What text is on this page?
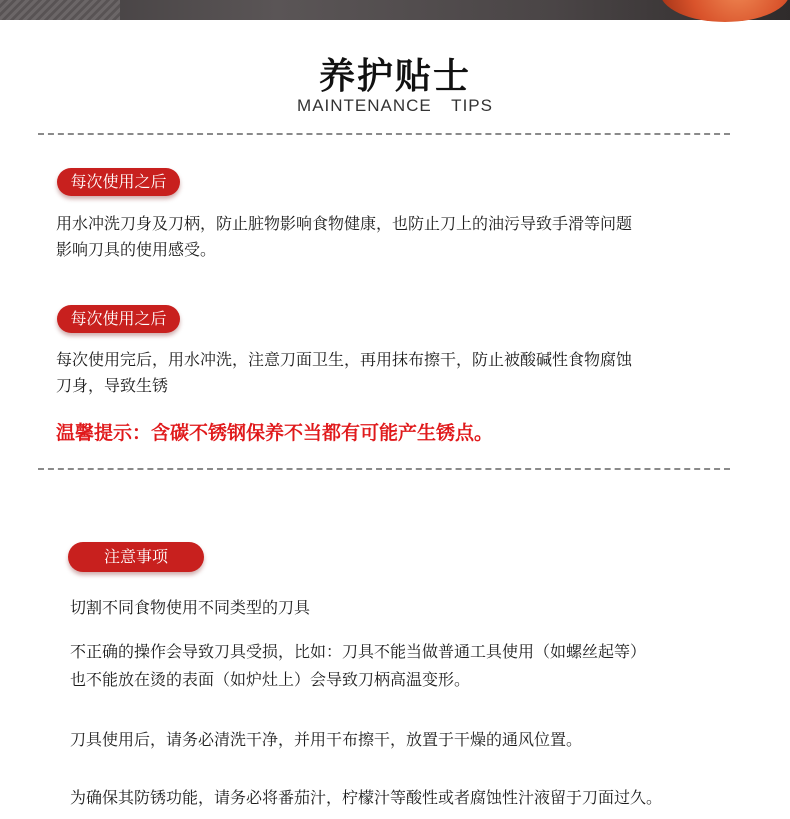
养护贴士
MAINTENANCE TIPS
每次使用之后
用水冲洗刀身及刀柄，防止脏物影响食物健康，也防止刀上的油污导致手滑等问题
影响刀具的使用感受。
每次使用之后
每次使用完后，用水冲洗，注意刀面卫生，再用抹布擦干，防止被酸碱性食物腐蚀
刀身，导致生锈
温馨提示：含碳不锈钢保养不当都有可能产生锈点。
注意事项
切割不同食物使用不同类型的刀具
不正确的操作会导致刀具受损，比如：刀具不能当做普通工具使用（如螺丝起等）
也不能放在烫的表面（如炉灶上）会导致刀柄高温变形。
刀具使用后，请务必清洗干净，并用干布擦干，放置于干燥的通风位置。
为确保其防锈功能，请务必将番茄汁，柠檬汁等酸性或者腐蚀性汁液留于刀面过久。
